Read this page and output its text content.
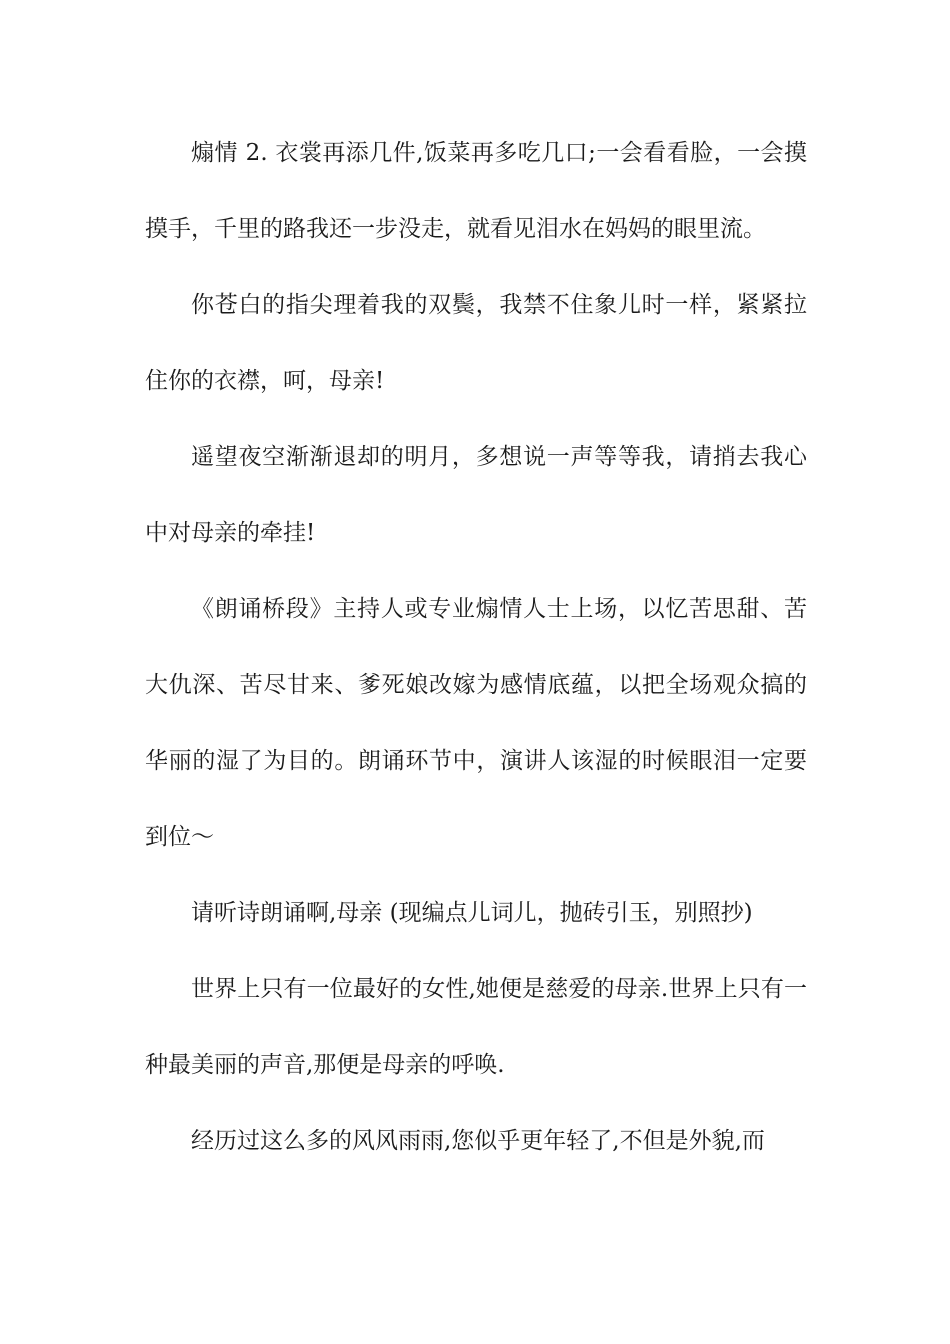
煽情 2. 衣裳再添几件,饭菜再多吃几口;一会看看脸，一会摸摸手，千里的路我还一步没走，就看见泪水在妈妈的眼里流。

你苍白的指尖理着我的双鬓，我禁不住象儿时一样，紧紧拉住你的衣襟，呵，母亲!

遥望夜空渐渐退却的明月，多想说一声等等我，请捎去我心中对母亲的牵挂!

《朗诵桥段》主持人或专业煽情人士上场，以忆苦思甜、苦大仇深、苦尽甘来、爹死娘改嫁为感情底蕴，以把全场观众搞的华丽的湿了为目的。朗诵环节中，演讲人该湿的时候眼泪一定要到位～

请听诗朗诵啊,母亲 (现编点儿词儿，抛砖引玉，别照抄)

世界上只有一位最好的女性,她便是慈爱的母亲.世界上只有一种最美丽的声音,那便是母亲的呼唤.

经历过这么多的风风雨雨,您似乎更年轻了,不但是外貌,而
